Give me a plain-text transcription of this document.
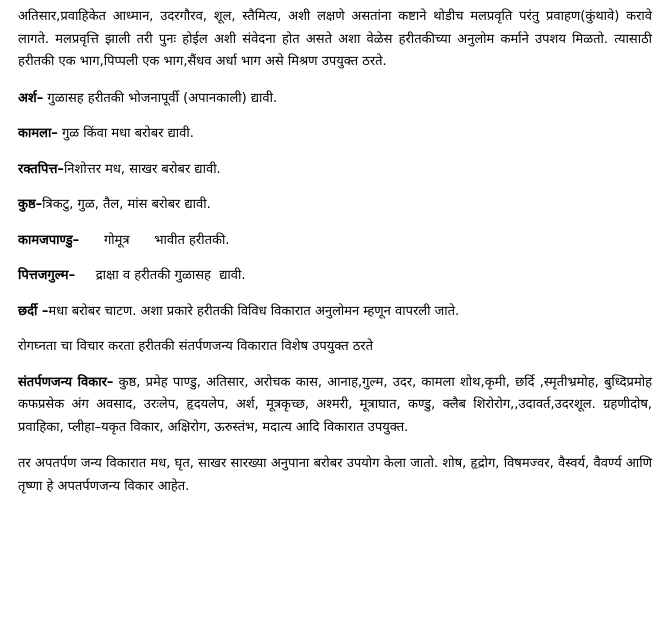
अतिसार,प्रवाहिकेत आध्मान, उदरगौरव, शूल, स्तैमित्य, अशी लक्षणे असतांना कष्टाने थोडीच मलप्रवृति परंतु प्रवाहण(कुंथावे) करावे लागते. मलप्रवृत्ति झाली तरी पुनः होईल अशी संवेदना होत असते अशा वेळेस हरीतकीच्या अनुलोम कर्माने उपशय मिळतो. त्यासाठी हरीतकी एक भाग,पिप्पली एक भाग,सैंधव अर्धा भाग असे मिश्रण उपयुक्त ठरते.

अर्श– गुळासह हरीतकी भोजनापूर्वी (अपानकाली) द्यावी.

कामला– गुळ किंवा मधा बरोबर द्यावी.

रक्तपित्त–निशोत्तर मध, साखर बरोबर द्यावी.

कुष्ठ–त्रिकटु, गुळ, तैल, मांस बरोबर द्यावी.

कामजपाण्डु–      गोमूत्र      भावीत हरीतकी.

पित्तजगुल्म–     द्राक्षा व हरीतकी गुळासह  द्यावी.

छर्दी –मधा बरोबर चाटण. अशा प्रकारे हरीतकी विविध विकारात अनुलोमन म्हणून वापरली जाते.

रोगघ्नता चा विचार करता हरीतकी संतर्पणजन्य विकारात विशेष उपयुक्त ठरते

संतर्पणजन्य विकार– कुष्ठ, प्रमेह पाण्डु, अतिसार, अरोचक कास, आनाह,गुल्म, उदर, कामला शोथ,कृमी, छर्दि ,स्मृतीभ्रमोह, बुध्दिप्रमोह कफप्रसेक अंग अवसाद, उरःलेप, हृदयलेप, अर्श, मूत्रकृच्छ, अश्मरी, मूत्राघात, कण्डु, क्लैब शिरोरोग,,उदावर्त,उदरशूल. ग्रहणीदोष, प्रवाहिका, प्लीहा–यकृत विकार, अक्षिरोग, ऊरुस्तंभ, मदात्य आदि विकारात उपयुक्त.

तर अपतर्पण जन्य विकारात मध, घृत, साखर सारख्या अनुपाना बरोबर उपयोग केला जातो. शोष, हृद्रोग, विषमज्वर, वैस्वर्य, वैवर्ण्य आणि तृष्णा हे अपतर्पणजन्य विकार आहेत.
